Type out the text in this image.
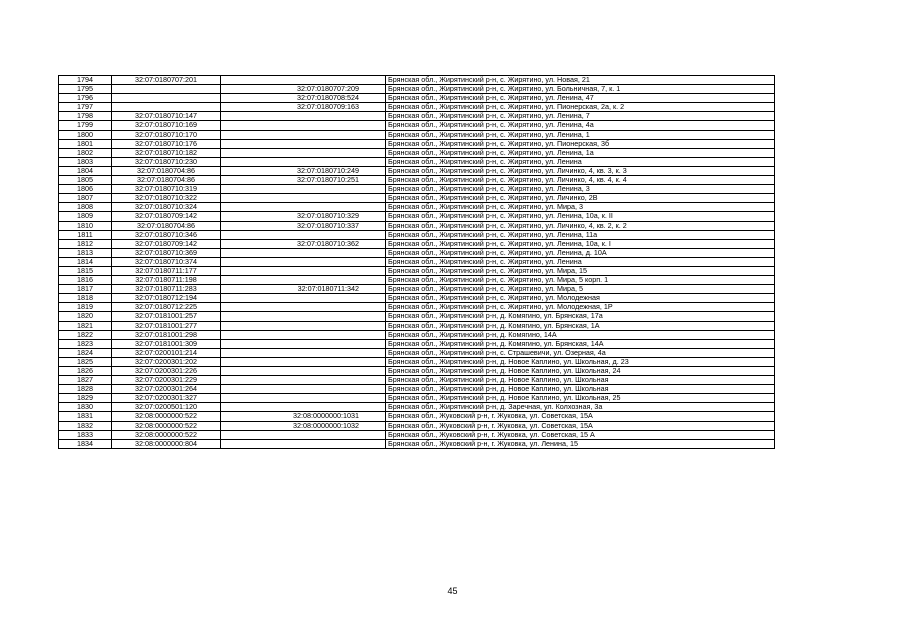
1794	32:07:0180707:201		Брянская обл., Жирятинский р-н, с. Жирятино, ул. Новая, 21
1795		32:07:0180707:209	Брянская обл., Жирятинский р-н, с. Жирятино, ул. Больничная, 7, к. 1
1796		32:07:0180708:524	Брянская обл., Жирятинский р-н, с. Жирятино, ул. Ленина, 47
1797		32:07:0180709:163	Брянская обл., Жирятинский р-н, с. Жирятино, ул. Пионерская, 2а, к. 2
1798	32:07:0180710:147		Брянская обл., Жирятинский р-н, с. Жирятино, ул. Ленина, 7
1799	32:07:0180710:169		Брянская обл., Жирятинский р-н, с. Жирятино, ул. Ленина, 4а
1800	32:07:0180710:170		Брянская обл., Жирятинский р-н, с. Жирятино, ул. Ленина, 1
1801	32:07:0180710:176		Брянская обл., Жирятинский р-н, с. Жирятино, ул. Пионерская, 3б
1802	32:07:0180710:182		Брянская обл., Жирятинский р-н, с. Жирятино, ул. Ленина, 1а
1803	32:07:0180710:230		Брянская обл., Жирятинский р-н, с. Жирятино, ул. Ленина
1804	32:07:0180704:86	32:07:0180710:249	Брянская обл., Жирятинский р-н, с. Жирятино, ул. Личинко, 4, кв. 3, к. 3
1805	32:07:0180704:86	32:07:0180710:251	Брянская обл., Жирятинский р-н, с. Жирятино, ул. Личинко, 4, кв. 4, к. 4
1806	32:07:0180710:319		Брянская обл., Жирятинский р-н, с. Жирятино, ул. Ленина, 3
1807	32:07:0180710:322		Брянская обл., Жирятинский р-н, с. Жирятино, ул. Личинко, 2В
1808	32:07:0180710:324		Брянская обл., Жирятинский р-н, с. Жирятино, ул. Мира, 3
1809	32:07:0180709:142	32:07:0180710:329	Брянская обл., Жирятинский р-н, с. Жирятино, ул. Ленина, 10а, к. II
1810	32:07:0180704:86	32:07:0180710:337	Брянская обл., Жирятинский р-н, с. Жирятино, ул. Личинко, 4, кв. 2, к. 2
1811	32:07:0180710:346		Брянская обл., Жирятинский р-н, с. Жирятино, ул. Ленина, 11а
1812	32:07:0180709:142	32:07:0180710:362	Брянская обл., Жирятинский р-н, с. Жирятино, ул. Ленина, 10а, к. I
1813	32:07:0180710:369		Брянская обл., Жирятинский р-н, с. Жирятино, ул. Ленина, д. 10А
1814	32:07:0180710:374		Брянская обл., Жирятинский р-н, с. Жирятино, ул. Ленина
1815	32:07:0180711:177		Брянская обл., Жирятинский р-н, с. Жирятино, ул. Мира, 15
1816	32:07:0180711:198		Брянская обл., Жирятинский р-н, с. Жирятино, ул. Мира, 5 корп. 1
1817	32:07:0180711:283	32:07:0180711:342	Брянская обл., Жирятинский р-н, с. Жирятино, ул. Мира, 5
1818	32:07:0180712:194		Брянская обл., Жирятинский р-н, с. Жирятино, ул. Молодежная
1819	32:07:0180712:225		Брянская обл., Жирятинский р-н, с. Жирятино, ул. Молодежная, 1Р
1820	32:07:0181001:257		Брянская обл., Жирятинский р-н, д. Комягино, ул. Брянская, 17а
1821	32:07:0181001:277		Брянская обл., Жирятинский р-н, д. Комягино, ул. Брянская, 1А
1822	32:07:0181001:298		Брянская обл., Жирятинский р-н, д. Комягино, 14А
1823	32:07:0181001:309		Брянская обл., Жирятинский р-н, д. Комягино, ул. Брянская, 14А
1824	32:07:0200101:214		Брянская обл., Жирятинский р-н, с. Страшевичи, ул. Озерная, 4а
1825	32:07:0200301:202		Брянская обл., Жирятинский р-н, д. Новое Каплино, ул. Школьная, д. 23
1826	32:07:0200301:226		Брянская обл., Жирятинский р-н, д. Новое Каплино, ул. Школьная, 24
1827	32:07:0200301:229		Брянская обл., Жирятинский р-н, д. Новое Каплино, ул. Школьная
1828	32:07:0200301:264		Брянская обл., Жирятинский р-н, д. Новое Каплино, ул. Школьная
1829	32:07:0200301:327		Брянская обл., Жирятинский р-н, д. Новое Каплино, ул. Школьная, 25
1830	32:07:0200501:120		Брянская обл., Жирятинский р-н, д. Заречная, ул. Колхозная, 3а
1831	32:08:0000000:522	32:08:0000000:1031	Брянская обл., Жуковский р-н, г. Жуковка, ул. Советская, 15А
1832	32:08:0000000:522	32:08:0000000:1032	Брянская обл., Жуковский р-н, г. Жуковка, ул. Советская, 15А
1833	32:08:0000000:522		Брянская обл., Жуковский р-н, г. Жуковка, ул. Советская, 15 А
1834	32:08:0000000:804		Брянская обл., Жуковский р-н, г. Жуковка, ул. Ленина, 15
45
